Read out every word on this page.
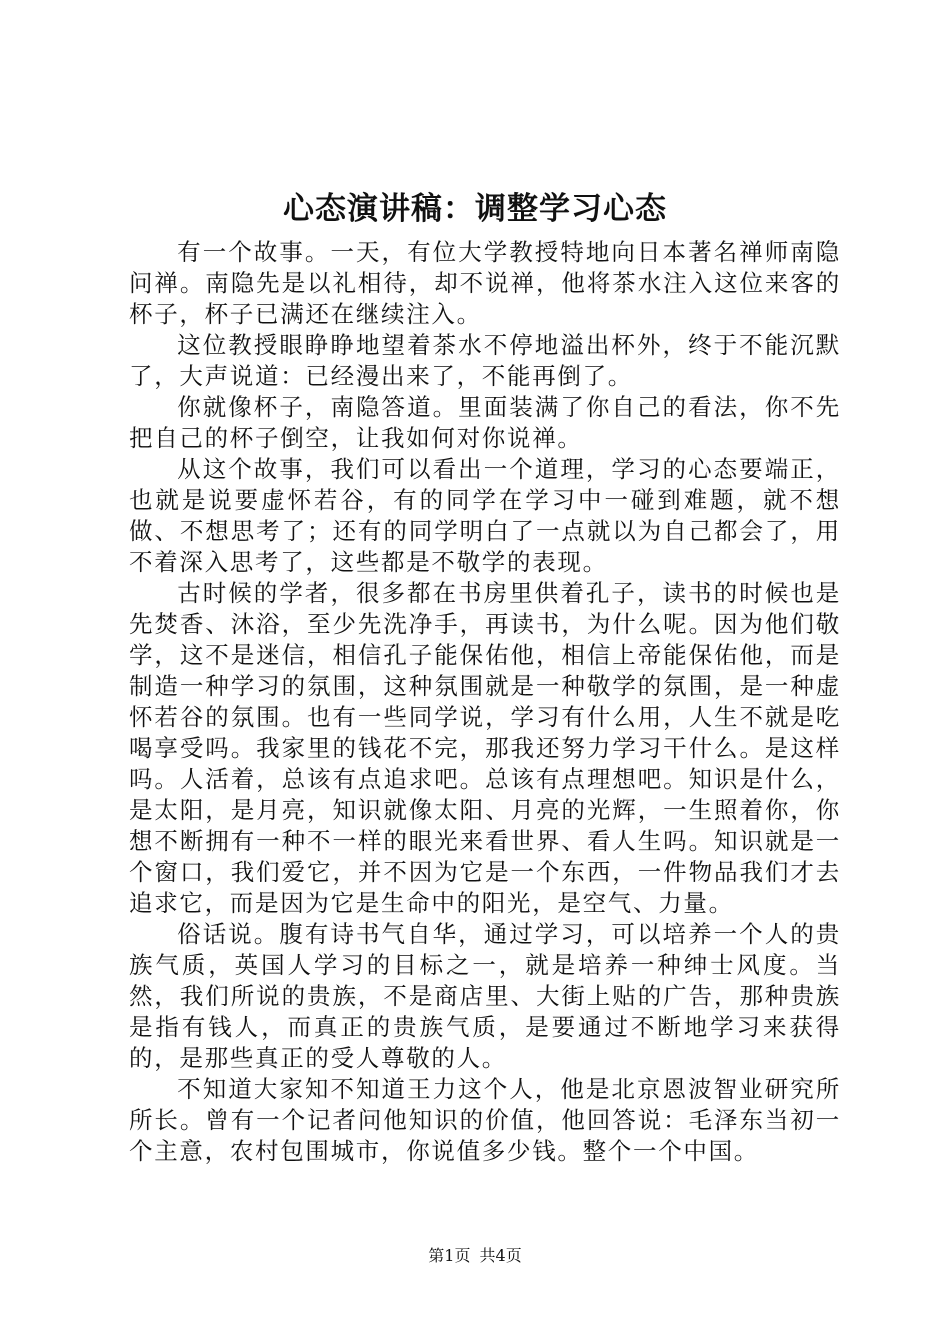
心态演讲稿：调整学习心态

有一个故事。一天，有位大学教授特地向日本著名禅师南隐问禅。南隐先是以礼相待，却不说禅，他将茶水注入这位来客的杯子，杯子已满还在继续注入。

这位教授眼睁睁地望着茶水不停地溢出杯外，终于不能沉默了，大声说道：已经漫出来了，不能再倒了。

你就像杯子，南隐答道。里面装满了你自己的看法，你不先把自己的杯子倒空，让我如何对你说禅。

从这个故事，我们可以看出一个道理，学习的心态要端正，也就是说要虚怀若谷，有的同学在学习中一碰到难题，就不想做、不想思考了；还有的同学明白了一点就以为自己都会了，用不着深入思考了，这些都是不敬学的表现。

古时候的学者，很多都在书房里供着孔子，读书的时候也是先焚香、沐浴，至少先洗净手，再读书，为什么呢。因为他们敬学，这不是迷信，相信孔子能保佑他，相信上帝能保佑他，而是制造一种学习的氛围，这种氛围就是一种敬学的氛围，是一种虚怀若谷的氛围。也有一些同学说，学习有什么用，人生不就是吃喝享受吗。我家里的钱花不完，那我还努力学习干什么。是这样吗。人活着，总该有点追求吧。总该有点理想吧。知识是什么，是太阳，是月亮，知识就像太阳、月亮的光辉，一生照着你，你想不断拥有一种不一样的眼光来看世界、看人生吗。知识就是一个窗口，我们爱它，并不因为它是一个东西，一件物品我们才去追求它，而是因为它是生命中的阳光，是空气、力量。

俗话说。腹有诗书气自华，通过学习，可以培养一个人的贵族气质，英国人学习的目标之一，就是培养一种绅士风度。当然，我们所说的贵族，不是商店里、大街上贴的广告，那种贵族是指有钱人，而真正的贵族气质，是要通过不断地学习来获得的，是那些真正的受人尊敬的人。

不知道大家知不知道王力这个人，他是北京恩波智业研究所所长。曾有一个记者问他知识的价值，他回答说：毛泽东当初一个主意，农村包围城市，你说值多少钱。整个一个中国。

第1页 共4页
